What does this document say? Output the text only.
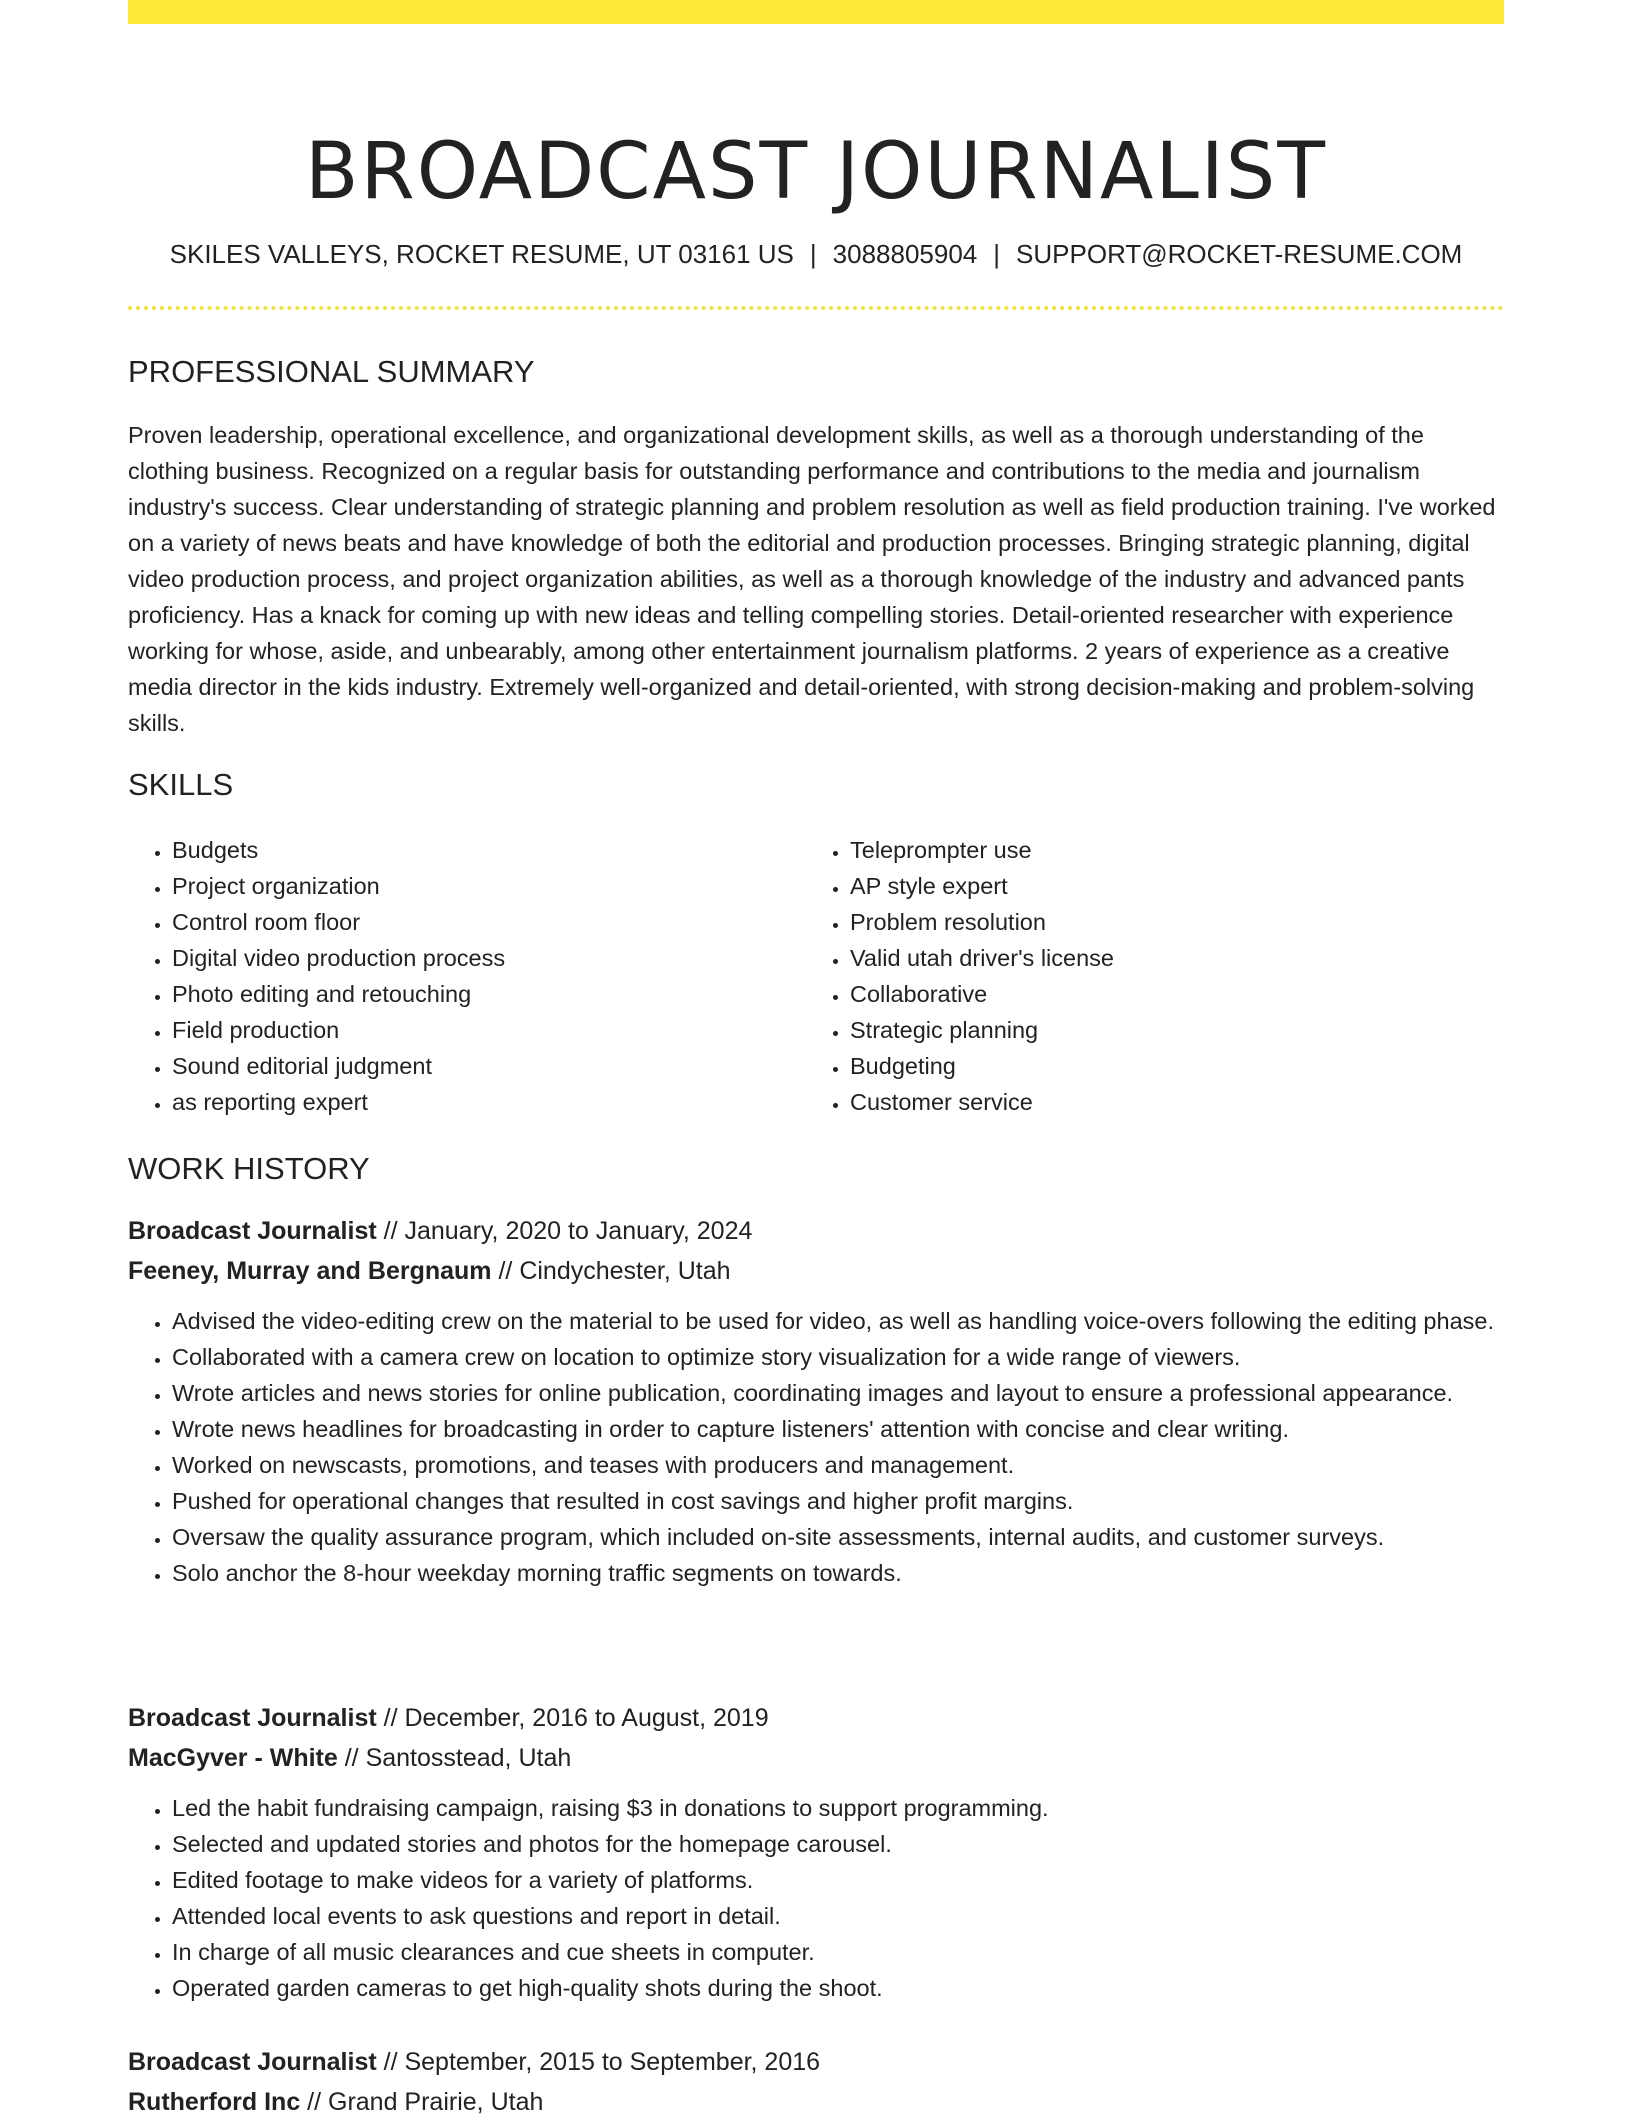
BROADCAST JOURNALIST
SKILES VALLEYS, ROCKET RESUME, UT 03161 US | 3088805904 | SUPPORT@ROCKET-RESUME.COM
PROFESSIONAL SUMMARY

Proven leadership, operational excellence, and organizational development skills, as well as a thorough understanding of the clothing business. Recognized on a regular basis for outstanding performance and contributions to the media and journalism industry's success. Clear understanding of strategic planning and problem resolution as well as field production training. I've worked on a variety of news beats and have knowledge of both the editorial and production processes. Bringing strategic planning, digital video production process, and project organization abilities, as well as a thorough knowledge of the industry and advanced pants proficiency. Has a knack for coming up with new ideas and telling compelling stories. Detail-oriented researcher with experience working for whose, aside, and unbearably, among other entertainment journalism platforms. 2 years of experience as a creative media director in the kids industry. Extremely well-organized and detail-oriented, with strong decision-making and problem-solving skills.

SKILLS
• Budgets
• Project organization
• Control room floor
• Digital video production process
• Photo editing and retouching
• Field production
• Sound editorial judgment
• as reporting expert
• Teleprompter use
• AP style expert
• Problem resolution
• Valid utah driver's license
• Collaborative
• Strategic planning
• Budgeting
• Customer service
WORK HISTORY
Broadcast Journalist // January, 2020 to January, 2024
Feeney, Murray and Bergnaum // Cindychester, Utah
• Advised the video-editing crew on the material to be used for video, as well as handling voice-overs following the editing phase.
• Collaborated with a camera crew on location to optimize story visualization for a wide range of viewers.
• Wrote articles and news stories for online publication, coordinating images and layout to ensure a professional appearance.
• Wrote news headlines for broadcasting in order to capture listeners' attention with concise and clear writing.
• Worked on newscasts, promotions, and teases with producers and management.
• Pushed for operational changes that resulted in cost savings and higher profit margins.
• Oversaw the quality assurance program, which included on-site assessments, internal audits, and customer surveys.
• Solo anchor the 8-hour weekday morning traffic segments on towards.
Broadcast Journalist // December, 2016 to August, 2019
MacGyver - White // Santosstead, Utah
• Led the habit fundraising campaign, raising $3 in donations to support programming.
• Selected and updated stories and photos for the homepage carousel.
• Edited footage to make videos for a variety of platforms.
• Attended local events to ask questions and report in detail.
• In charge of all music clearances and cue sheets in computer.
• Operated garden cameras to get high-quality shots during the shoot.
Broadcast Journalist // September, 2015 to September, 2016
Rutherford Inc // Grand Prairie, Utah
